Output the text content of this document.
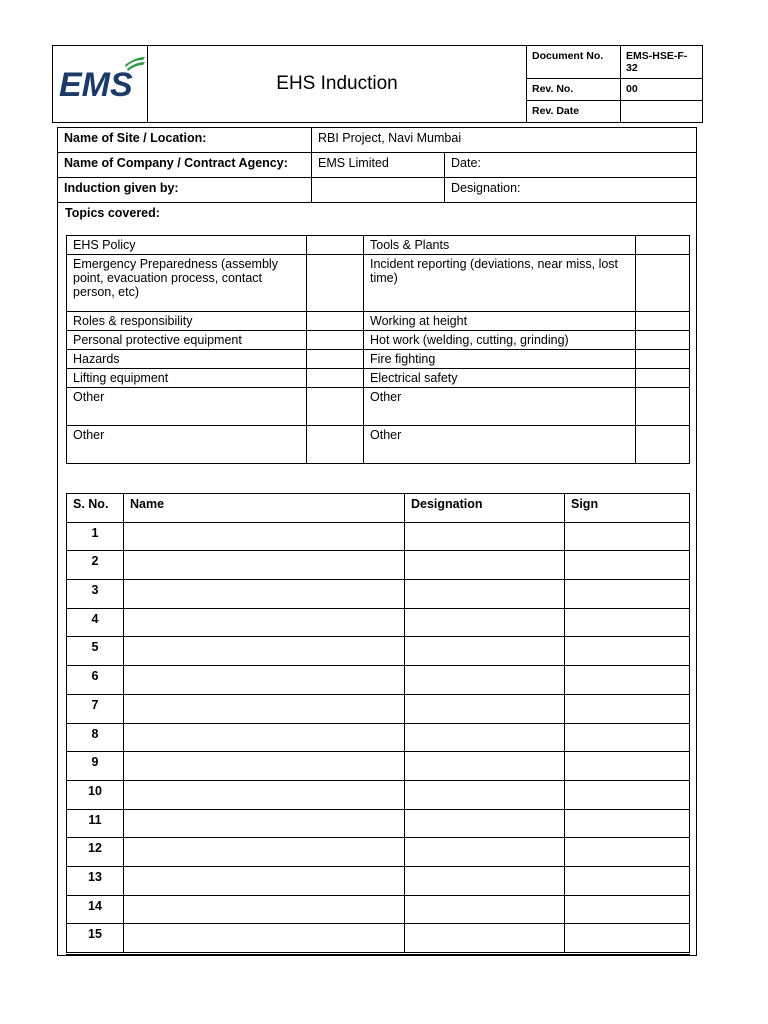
EMS	EHS Induction	Document No.	EMS-HSE-F-32
		Rev. No.	00
		Rev. Date	
Name of Site / Location:	RBI Project, Navi Mumbai	
Name of Company / Contract Agency:	EMS Limited	Date:
Induction given by:		Designation:
Topics covered:
EHS Policy		Tools & Plants	
Emergency Preparedness (assembly point, evacuation process, contact person, etc)		Incident reporting (deviations, near miss, lost time)	
Roles & responsibility		Working at height	
Personal protective equipment		Hot work (welding, cutting, grinding)	
Hazards		Fire fighting	
Lifting equipment		Electrical safety	
Other		Other	
Other		Other	
S. No.	Name	Designation	Sign
1			
2			
3			
4			
5			
6			
7			
8			
9			
10			
11			
12			
13			
14			
15			
